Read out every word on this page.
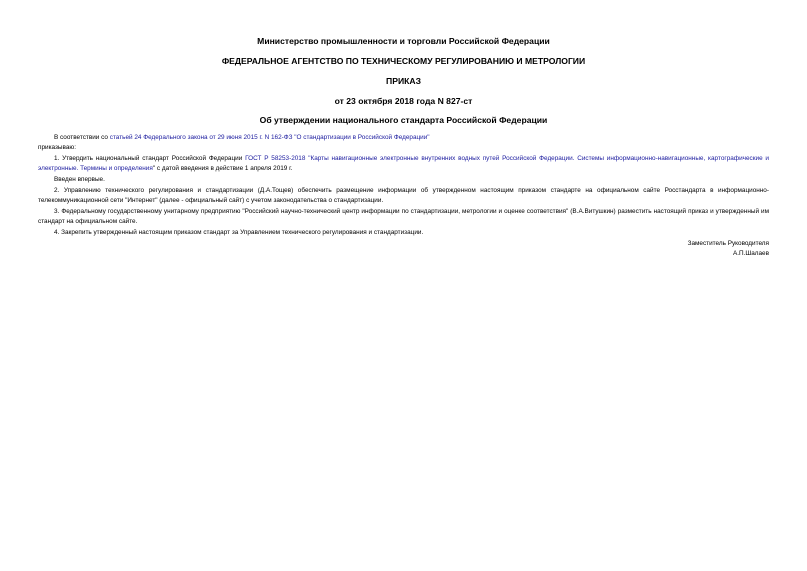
Министерство промышленности и торговли Российской Федерации
ФЕДЕРАЛЬНОЕ АГЕНТСТВО ПО ТЕХНИЧЕСКОМУ РЕГУЛИРОВАНИЮ И МЕТРОЛОГИИ
ПРИКАЗ
от 23 октября 2018 года N 827-ст
Об утверждении национального стандарта Российской Федерации
В соответствии со статьей 24 Федерального закона от 29 июня 2015 г. N 162-ФЗ "О стандартизации в Российской Федерации"
приказываю:
1. Утвердить национальный стандарт Российской Федерации ГОСТ Р 58253-2018 "Карты навигационные электронные внутренних водных путей Российской Федерации. Системы информационно-навигационные, картографические и электронные. Термины и определения" с датой введения в действие 1 апреля 2019 г.
Введен впервые.
2. Управлению технического регулирования и стандартизации (Д.А.Тощев) обеспечить размещение информации об утвержденном настоящим приказом стандарте на официальном сайте Росстандарта в информационно-телекоммуникационной сети "Интернет" (далее - официальный сайт) с учетом законодательства о стандартизации.
3. Федеральному государственному унитарному предприятию "Российский научно-технический центр информации по стандартизации, метрологии и оценке соответствия" (В.А.Витушкин) разместить настоящий приказ и утвержденный им стандарт на официальном сайте.
4. Закрепить утвержденный настоящим приказом стандарт за Управлением технического регулирования и стандартизации.
Заместитель Руководителя
А.П.Шалаев
